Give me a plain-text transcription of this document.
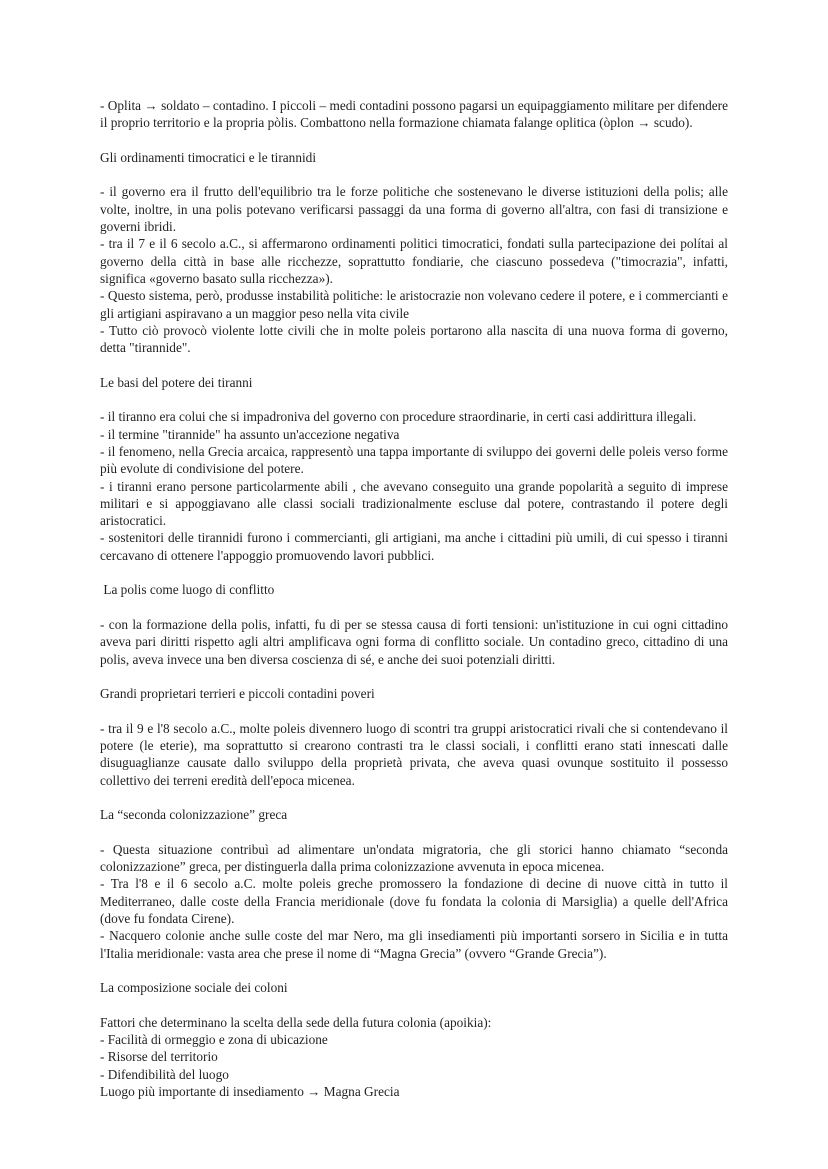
- Oplita → soldato – contadino. I piccoli – medi contadini possono pagarsi un equipaggiamento militare per difendere il proprio territorio e la propria pòlis. Combattono nella formazione chiamata falange oplitica (òplon → scudo).

Gli ordinamenti timocratici e le tirannidi

- il governo era il frutto dell'equilibrio tra le forze politiche che sostenevano le diverse istituzioni della polis; alle volte, inoltre, in una polis potevano verificarsi passaggi da una forma di governo all'altra, con fasi di transizione e governi ibridi.

- tra il 7 e il 6 secolo a.C., si affermarono ordinamenti politici timocratici, fondati sulla partecipazione dei polítai al governo della città in base alle ricchezze, soprattutto fondiarie, che ciascuno possedeva ("timocrazia", infatti, significa «governo basato sulla ricchezza»).

- Questo sistema, però, produsse instabilità politiche: le aristocrazie non volevano cedere il potere, e i commercianti e gli artigiani aspiravano a un maggior peso nella vita civile

- Tutto ciò provocò violente lotte civili che in molte poleis portarono alla nascita di una nuova forma di governo, detta "tirannide".

Le basi del potere dei tiranni

- il tiranno era colui che si impadroniva del governo con procedure straordinarie, in certi casi addirittura illegali.

- il termine "tirannide" ha assunto un'accezione negativa

- il fenomeno, nella Grecia arcaica, rappresentò una tappa importante di sviluppo dei governi delle poleis verso forme più evolute di condivisione del potere.

- i tiranni erano persone particolarmente abili , che avevano conseguito una grande popolarità a seguito di imprese militari e si appoggiavano alle classi sociali tradizionalmente escluse dal potere, contrastando il potere degli aristocratici.

- sostenitori delle tirannidi furono i commercianti, gli artigiani, ma anche i cittadini più umili, di cui spesso i tiranni cercavano di ottenere l'appoggio promuovendo lavori pubblici.

La polis come luogo di conflitto

- con la formazione della polis, infatti, fu di per se stessa causa di forti tensioni: un'istituzione in cui ogni cittadino aveva pari diritti rispetto agli altri amplificava ogni forma di conflitto sociale. Un contadino greco, cittadino di una polis, aveva invece una ben diversa coscienza di sé, e anche dei suoi potenziali diritti.

Grandi proprietari terrieri e piccoli contadini poveri

- tra il 9 e l'8 secolo a.C., molte poleis divennero luogo di scontri tra gruppi aristocratici rivali che si contendevano il potere (le eterie), ma soprattutto si crearono contrasti tra le classi sociali, i conflitti erano stati innescati dalle disuguaglianze causate dallo sviluppo della proprietà privata, che aveva quasi ovunque sostituito il possesso collettivo dei terreni eredità dell'epoca micenea.

La “seconda colonizzazione” greca

- Questa situazione contribuì ad alimentare un'ondata migratoria, che gli storici hanno chiamato “seconda colonizzazione” greca, per distinguerla dalla prima colonizzazione avvenuta in epoca micenea.

- Tra l'8 e il 6 secolo a.C. molte poleis greche promossero la fondazione di decine di nuove città in tutto il Mediterraneo, dalle coste della Francia meridionale (dove fu fondata la colonia di Marsiglia) a quelle dell'Africa (dove fu fondata Cirene).

- Nacquero colonie anche sulle coste del mar Nero, ma gli insediamenti più importanti sorsero in Sicilia e in tutta l'Italia meridionale: vasta area che prese il nome di “Magna Grecia” (ovvero “Grande Grecia”).

La composizione sociale dei coloni

Fattori che determinano la scelta della sede della futura colonia (apoikia):

- Facilità di ormeggio e zona di ubicazione

- Risorse del territorio

- Difendibilità del luogo

Luogo più importante di insediamento → Magna Grecia
